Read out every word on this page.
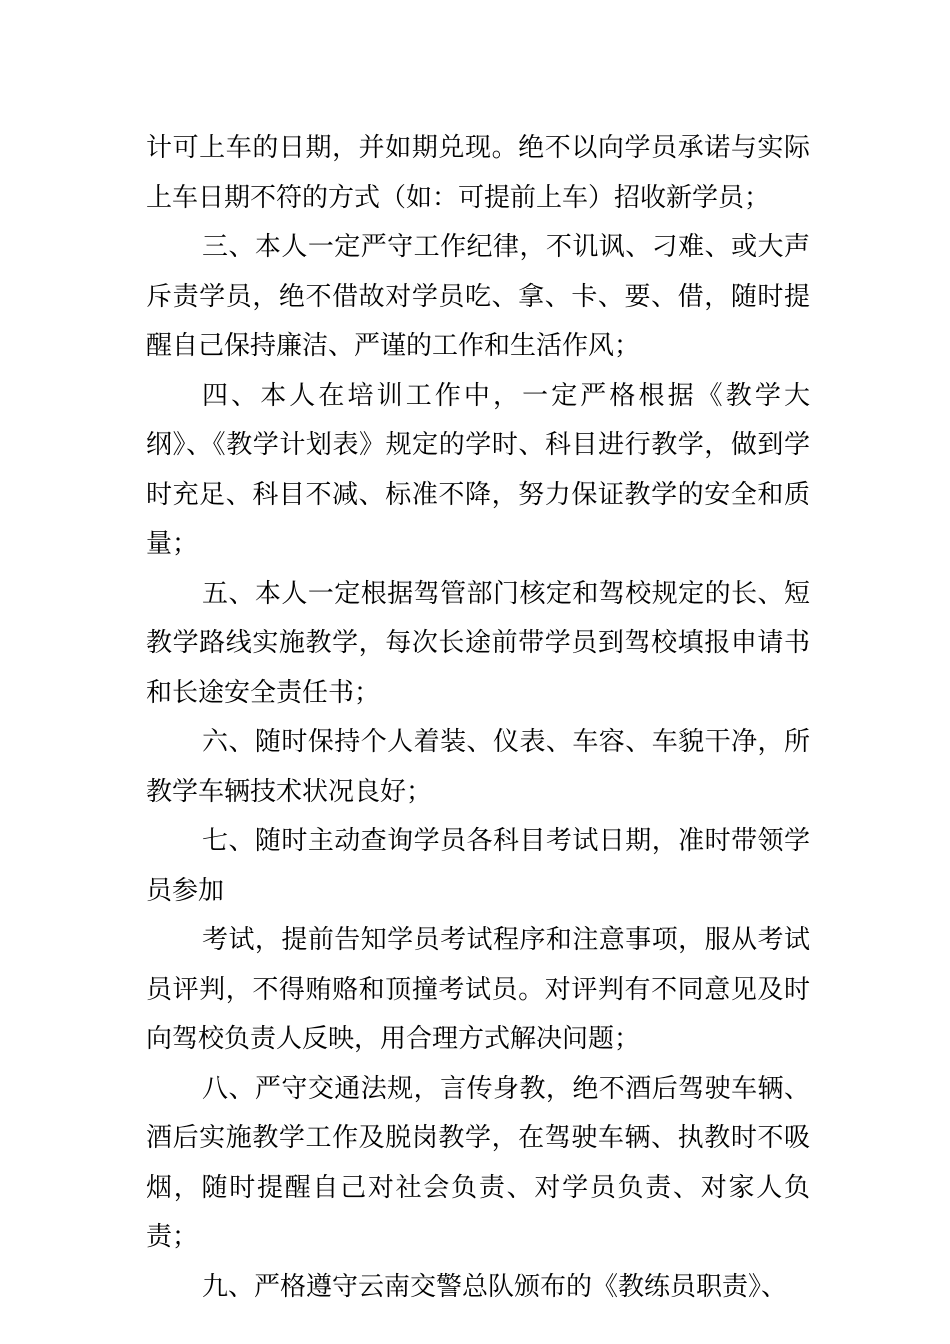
计可上车的日期，并如期兑现。绝不以向学员承诺与实际上车日期不符的方式（如：可提前上车）招收新学员；

三、本人一定严守工作纪律，不讥讽、刁难、或大声斥责学员，绝不借故对学员吃、拿、卡、要、借，随时提醒自己保持廉洁、严谨的工作和生活作风；

四、本人在培训工作中，一定严格根据《教学大纲》、《教学计划表》规定的学时、科目进行教学，做到学时充足、科目不减、标准不降，努力保证教学的安全和质量；

五、本人一定根据驾管部门核定和驾校规定的长、短教学路线实施教学，每次长途前带学员到驾校填报申请书和长途安全责任书；

六、随时保持个人着装、仪表、车容、车貌干净，所教学车辆技术状况良好；

七、随时主动查询学员各科目考试日期，准时带领学员参加

考试，提前告知学员考试程序和注意事项，服从考试员评判，不得贿赂和顶撞考试员。对评判有不同意见及时向驾校负责人反映，用合理方式解决问题；

八、严守交通法规，言传身教，绝不酒后驾驶车辆、酒后实施教学工作及脱岗教学，在驾驶车辆、执教时不吸烟，随时提醒自己对社会负责、对学员负责、对家人负责；

九、严格遵守云南交警总队颁布的《教练员职责》、
